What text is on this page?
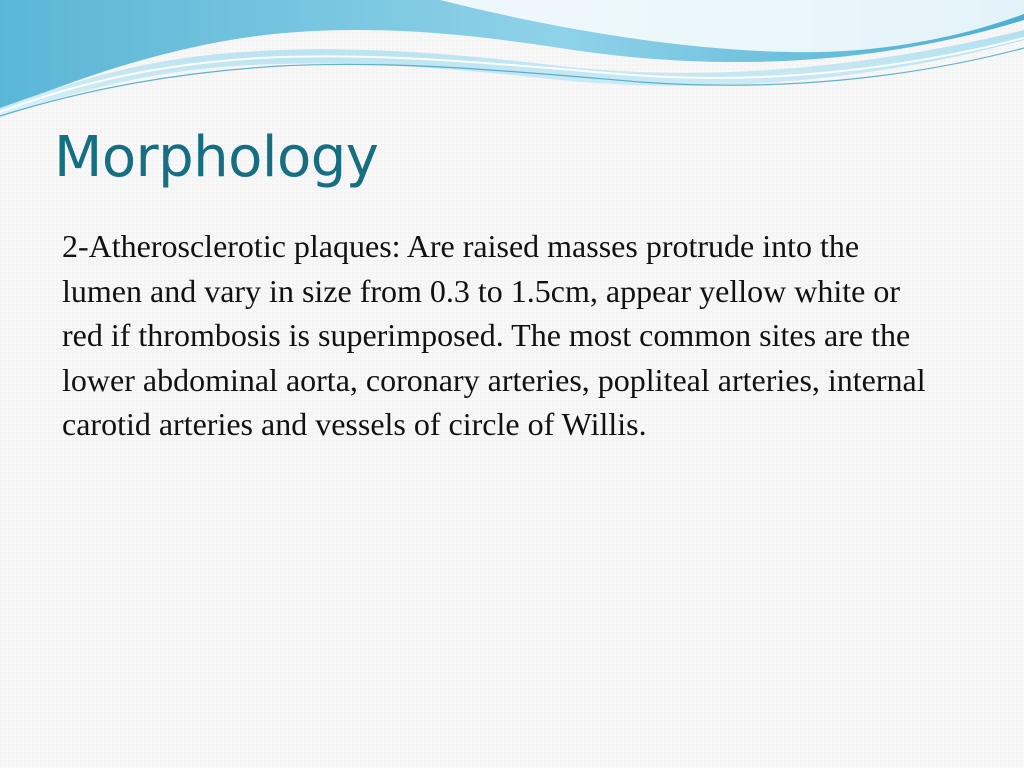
Morphology

2-Atherosclerotic plaques: Are raised masses protrude into the lumen and vary in size from 0.3 to 1.5cm, appear yellow white or red if thrombosis is superimposed. The most common sites are the lower abdominal aorta, coronary arteries, popliteal arteries, internal carotid arteries and vessels of circle of Willis.
